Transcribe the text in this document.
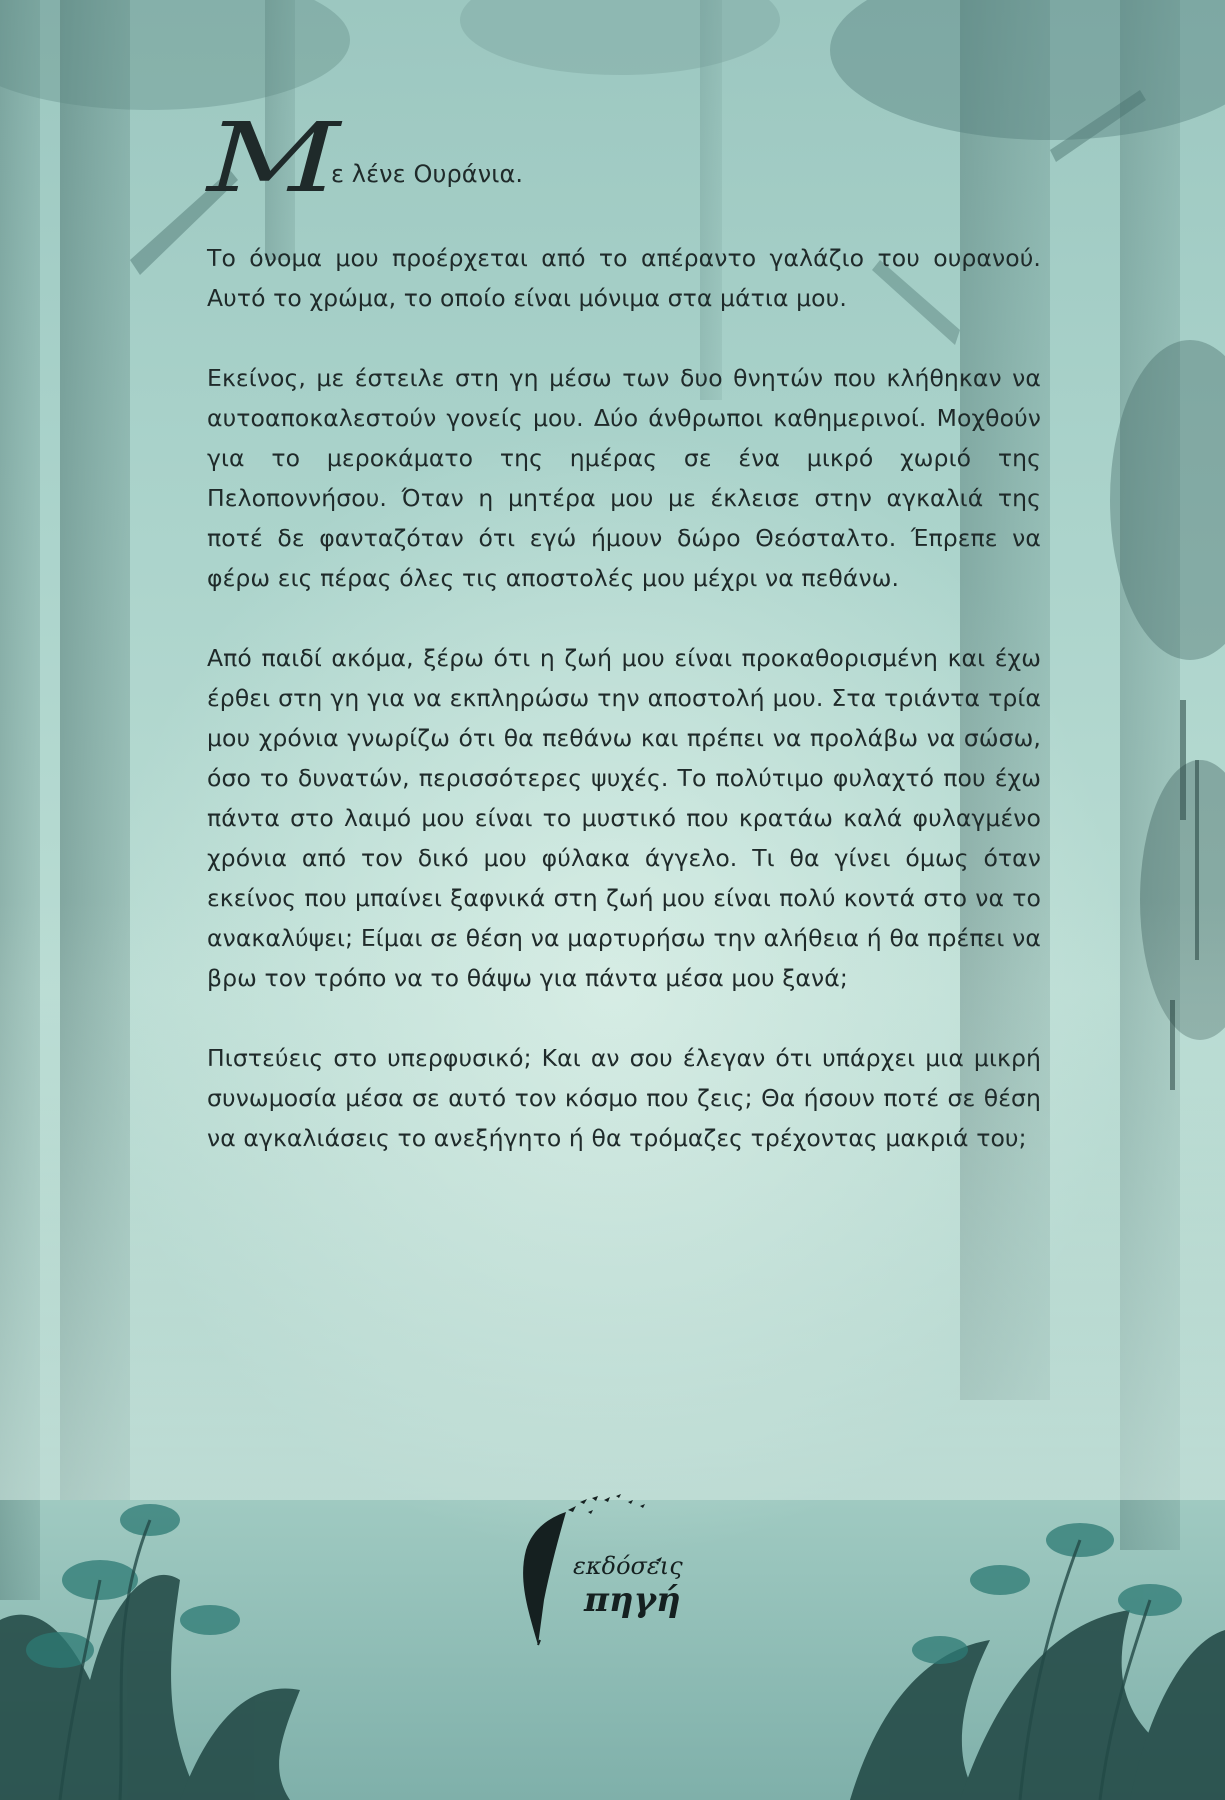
M
ε λένε Ουράνια.

Το όνομα μου προέρχεται από το απέραντο γαλάζιο του ουρανού. Αυτό το χρώμα, το οποίο είναι μόνιμα στα μάτια μου.

Εκείνος, με έστειλε στη γη μέσω των δυο θνητών που κλήθηκαν να αυτοαποκαλεστούν γονείς μου. Δύο άνθρωποι καθημερινοί. Μοχθούν για το μεροκάματο της ημέρας σε ένα μικρό χωριό της Πελοποννήσου. Όταν η μητέρα μου με έκλεισε στην αγκαλιά της ποτέ δε φανταζόταν ότι εγώ ήμουν δώρο Θεόσταλτο. Έπρεπε να φέρω εις πέρας όλες τις αποστολές μου μέχρι να πεθάνω.

Από παιδί ακόμα, ξέρω ότι η ζωή μου είναι προκαθορισμένη και έχω έρθει στη γη για να εκπληρώσω την αποστολή μου. Στα τριάντα τρία μου χρόνια γνωρίζω ότι θα πεθάνω και πρέπει να προλάβω να σώσω, όσο το δυνατών, περισσότερες ψυχές. Το πολύτιμο φυλαχτό που έχω πάντα στο λαιμό μου είναι το μυστικό που κρατάω καλά φυλαγμένο χρόνια από τον δικό μου φύλακα άγγελο. Τι θα γίνει όμως όταν εκείνος που μπαίνει ξαφνικά στη ζωή μου είναι πολύ κοντά στο να το ανακαλύψει; Είμαι σε θέση να μαρτυρήσω την αλήθεια ή θα πρέπει να βρω τον τρόπο να το θάψω για πάντα μέσα μου ξανά;

Πιστεύεις στο υπερφυσικό; Και αν σου έλεγαν ότι υπάρχει μια μικρή συνωμοσία μέσα σε αυτό τον κόσμο που ζεις; Θα ήσουν ποτέ σε θέση να αγκαλιάσεις το ανεξήγητο ή θα τρόμαζες τρέχοντας μακριά του;

εκδόσεις
πηγή
